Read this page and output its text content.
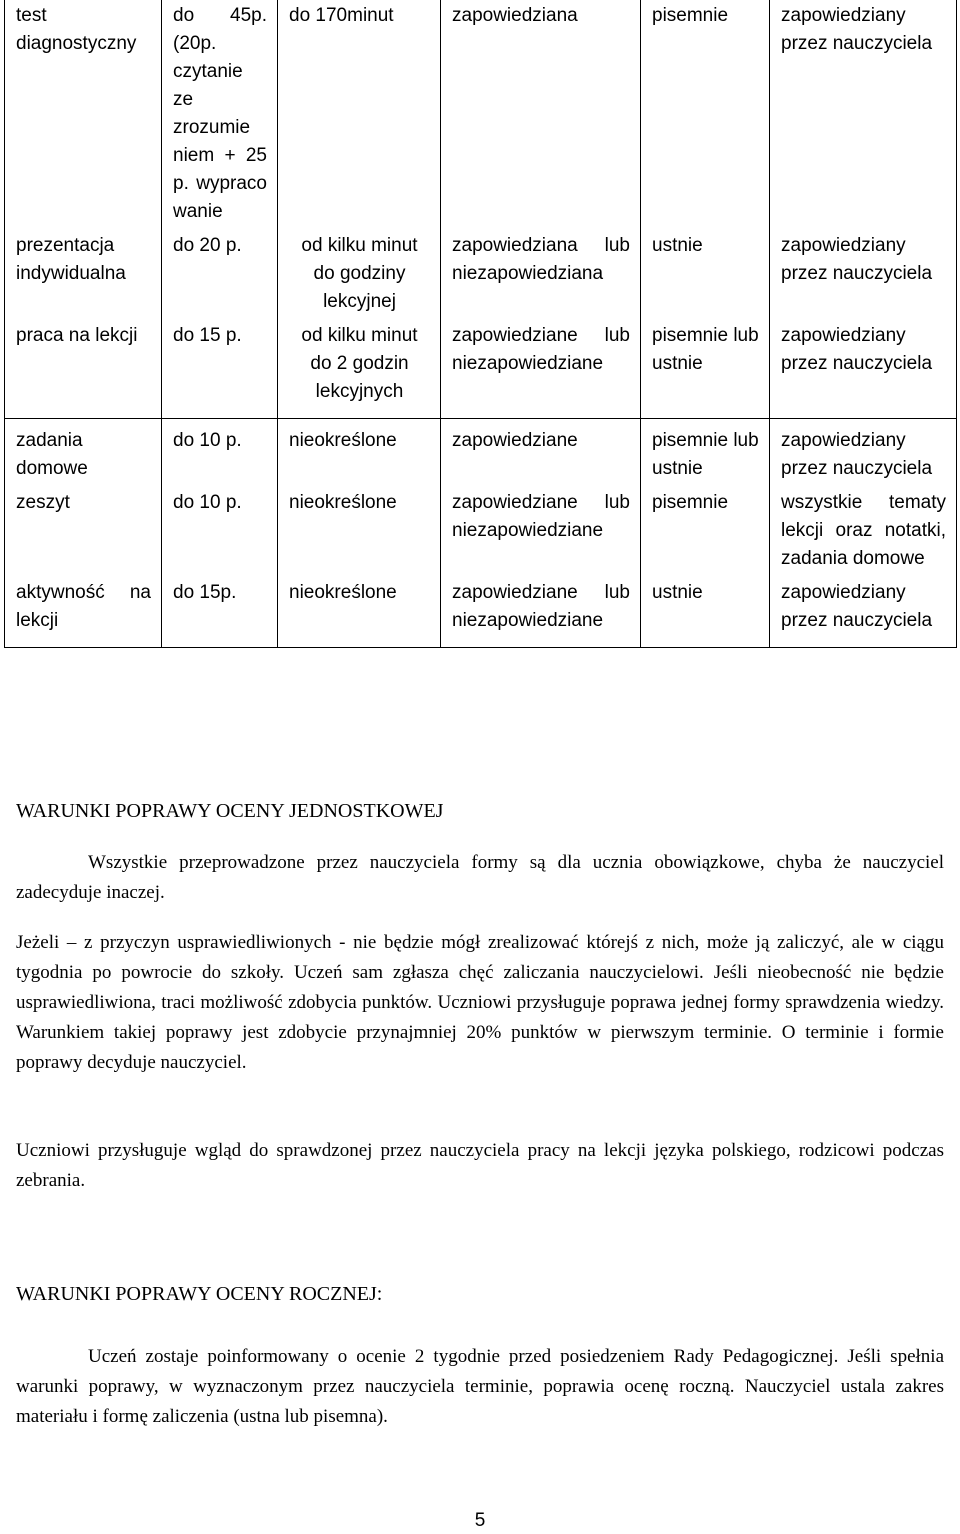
test diagnostyczny	do 45p. (20p. czytanie ze zrozumie niem + 25 p. wypraco wanie	do 170minut	zapowiedziana	pisemnie	zapowiedziany przez nauczyciela
prezentacja indywidualna	do 20 p.	od kilku minut do godziny lekcyjnej	zapowiedziana lub niezapowiedziana	ustnie	zapowiedziany przez nauczyciela
praca na lekcji	do 15 p.	od kilku minut do 2 godzin lekcyjnych	zapowiedziane lub niezapowiedziane	pisemnie lub ustnie	zapowiedziany przez nauczyciela

zadania domowe	do 10 p.	nieokreślone	zapowiedziane	pisemnie lub ustnie	zapowiedziany przez nauczyciela
zeszyt	do 10 p.	nieokreślone	zapowiedziane lub niezapowiedziane	pisemnie	wszystkie tematy lekcji oraz notatki, zadania domowe
aktywność na lekcji	do 15p.	nieokreślone	zapowiedziane lub niezapowiedziane	ustnie	zapowiedziany przez nauczyciela
WARUNKI POPRAWY OCENY JEDNOSTKOWEJ
Wszystkie przeprowadzone przez nauczyciela formy są dla ucznia obowiązkowe, chyba że nauczyciel zadecyduje inaczej.
Jeżeli – z przyczyn usprawiedliwionych - nie będzie mógł zrealizować którejś z nich, może ją zaliczyć, ale w ciągu tygodnia po powrocie do szkoły. Uczeń sam zgłasza chęć zaliczania nauczycielowi. Jeśli nieobecność nie będzie usprawiedliwiona, traci możliwość zdobycia punktów. Uczniowi przysługuje poprawa jednej formy sprawdzenia wiedzy. Warunkiem takiej poprawy jest zdobycie przynajmniej 20% punktów w pierwszym terminie. O terminie i formie poprawy decyduje nauczyciel.
Uczniowi przysługuje wgląd do sprawdzonej przez nauczyciela pracy na lekcji języka polskiego, rodzicowi podczas zebrania.
WARUNKI POPRAWY OCENY ROCZNEJ:
Uczeń zostaje poinformowany o ocenie 2 tygodnie przed posiedzeniem Rady Pedagogicznej. Jeśli spełnia warunki poprawy, w wyznaczonym przez nauczyciela terminie, poprawia ocenę roczną. Nauczyciel ustala zakres materiału i formę zaliczenia (ustna lub pisemna).
5
